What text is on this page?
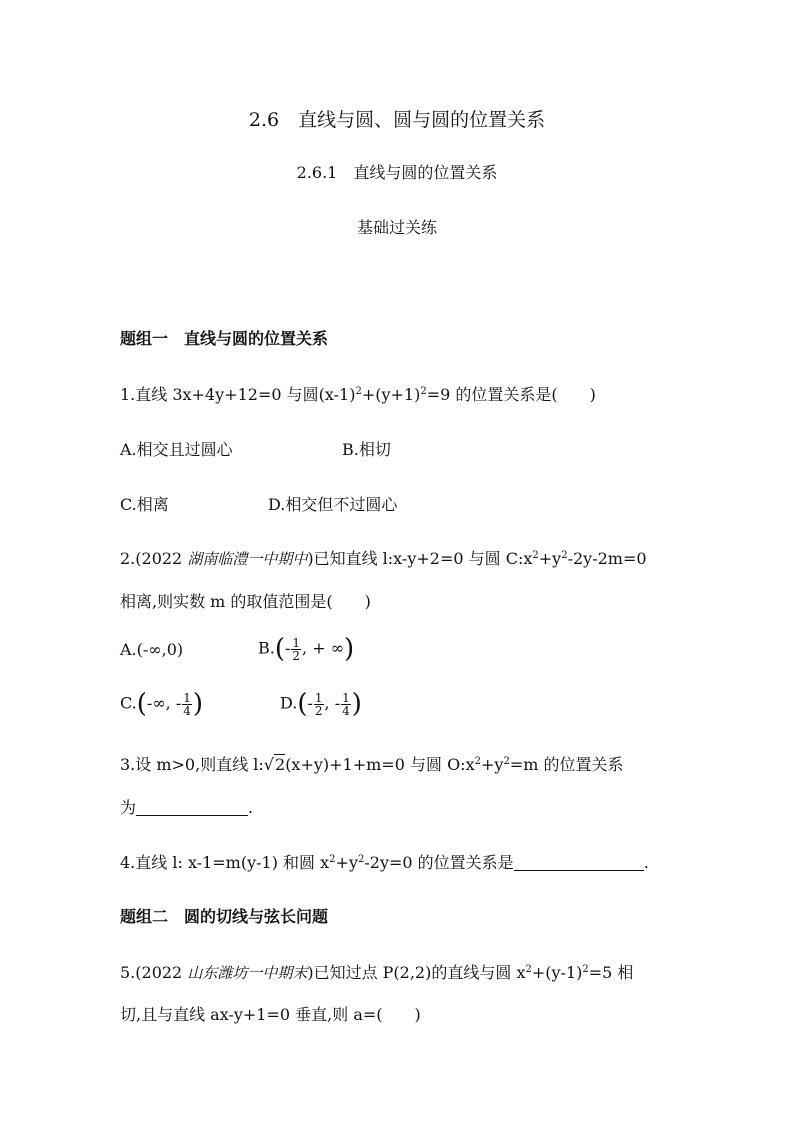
2.6　直线与圆、圆与圆的位置关系
2.6.1　直线与圆的位置关系
基础过关练
题组一　直线与圆的位置关系
1.直线 3x+4y+12=0 与圆$(x-1)^2+(y+1)^2=9$ 的位置关系是(　　)
A.相交且过圆心	B.相切
C.相离	D.相交但不过圆心
2.(2022 湖南临澧一中期中)已知直线 l:x-y+2=0 与圆 $C:x^2+y^2-2y-2m=0$
相离,则实数 m 的取值范围是(　　)
A.(-∞,0)	$B.(- \frac{1}{2}$ , + ∞)
C.(-∞, - $\frac{1}{4}$ )	$D.(- \frac{1}{2}$ , - $\frac{1}{4}$ )
3.设 m>0,则直线 l:√2(x+y)+1+m=0 与圆 $O:x^2+y^2=m$ 的位置关系
为	.
4.直线 l: x-1=m(y-1) 和圆 $x^2+y^2-2y=0$ 的位置关系是	.
题组二　圆的切线与弦长问题
5.(2022 山东潍坊一中期末)已知过点 P(2,2)的直线与圆 $x^2+(y-1)^2=5$ 相
切,且与直线 ax-y+1=0 垂直,则 a=(　　)
